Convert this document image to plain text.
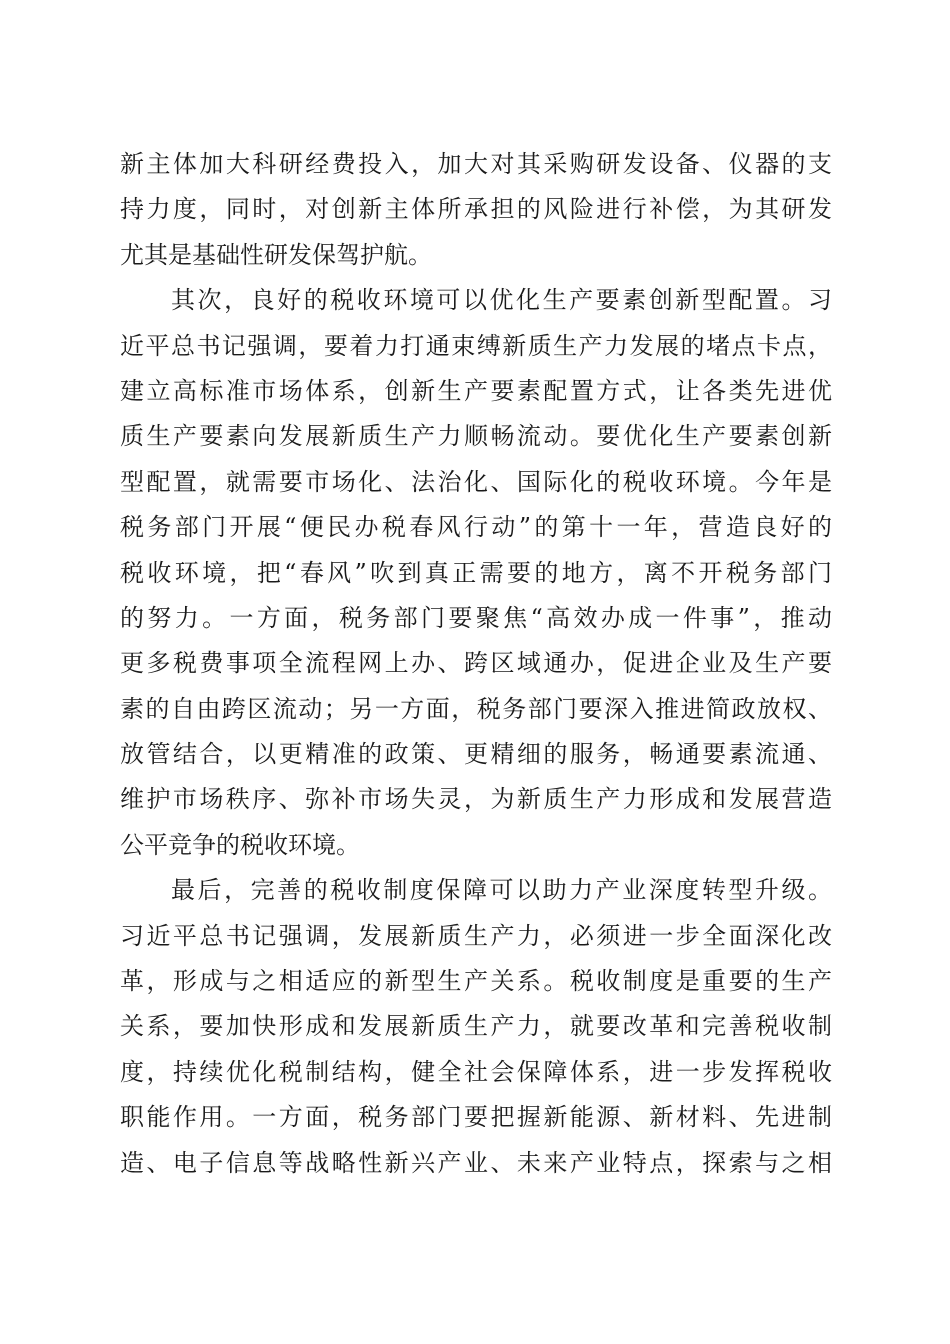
新主体加大科研经费投入，加大对其采购研发设备、仪器的支
持力度，同时，对创新主体所承担的风险进行补偿，为其研发
尤其是基础性研发保驾护航。
其次，良好的税收环境可以优化生产要素创新型配置。习
近平总书记强调，要着力打通束缚新质生产力发展的堵点卡点，
建立高标准市场体系，创新生产要素配置方式，让各类先进优
质生产要素向发展新质生产力顺畅流动。要优化生产要素创新
型配置，就需要市场化、法治化、国际化的税收环境。今年是
税务部门开展“便民办税春风行动”的第十一年，营造良好的
税收环境，把“春风”吹到真正需要的地方，离不开税务部门
的努力。一方面，税务部门要聚焦“高效办成一件事”，推动
更多税费事项全流程网上办、跨区域通办，促进企业及生产要
素的自由跨区流动；另一方面，税务部门要深入推进简政放权、
放管结合，以更精准的政策、更精细的服务，畅通要素流通、
维护市场秩序、弥补市场失灵，为新质生产力形成和发展营造
公平竞争的税收环境。
最后，完善的税收制度保障可以助力产业深度转型升级。
习近平总书记强调，发展新质生产力，必须进一步全面深化改
革，形成与之相适应的新型生产关系。税收制度是重要的生产
关系，要加快形成和发展新质生产力，就要改革和完善税收制
度，持续优化税制结构，健全社会保障体系，进一步发挥税收
职能作用。一方面，税务部门要把握新能源、新材料、先进制
造、电子信息等战略性新兴产业、未来产业特点，探索与之相
